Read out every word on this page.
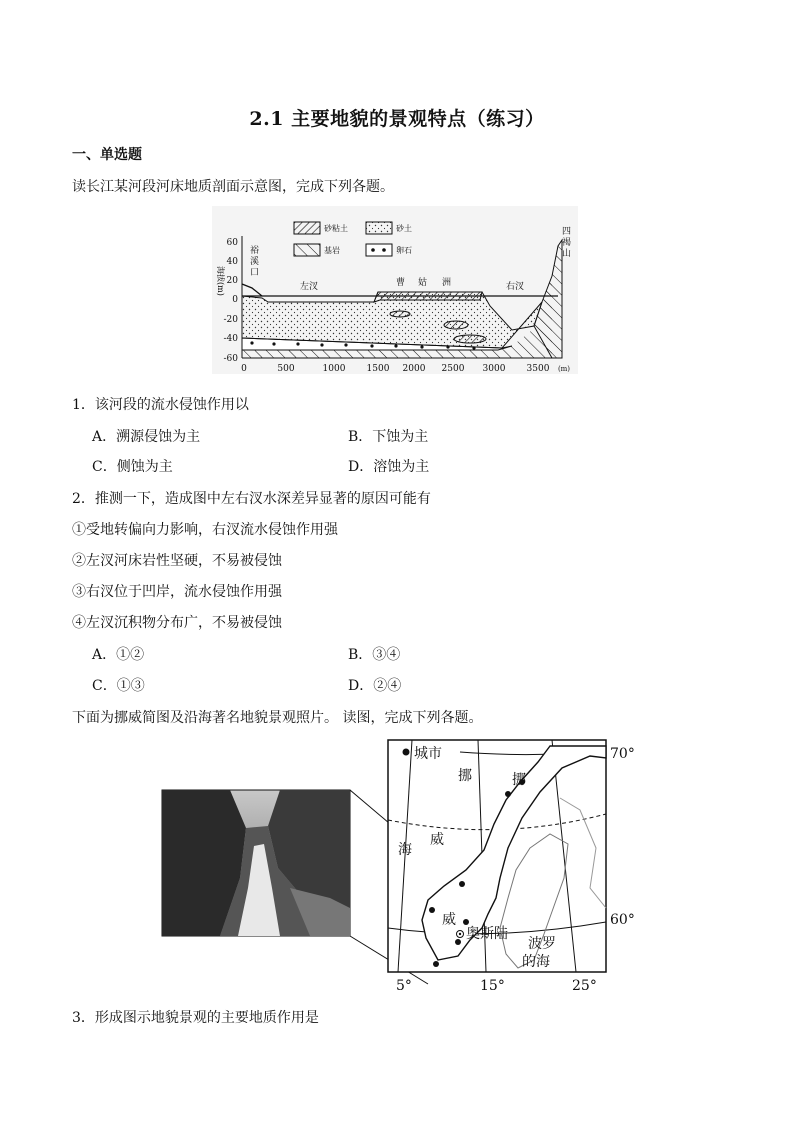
2.1 主要地貌的景观特点（练习）
一、单选题
读长江某河段河床地质剖面示意图，完成下列各题。
60
40
20
0
-20
-40
-60
0	500	1000 1500 2000 2500 3000 3500 (m)
海拔(m)
裕
溪
口
四
褐
山
左汊	曹 姑 洲	右汊
砂粘土	砂土
基岩	卵石
1．该河段的流水侵蚀作用以
A．溯源侵蚀为主	B．下蚀为主
C．侧蚀为主	D．溶蚀为主
2．推测一下，造成图中左右汊水深差异显著的原因可能有
①受地转偏向力影响，右汊流水侵蚀作用强
②左汊河床岩性坚硬，不易被侵蚀
③右汊位于凹岸，流水侵蚀作用强
④左汊沉积物分布广，不易被侵蚀
A．①②	B．③④
C．①③	D．②④
下面为挪威简图及沿海著名地貌景观照片。 读图，完成下列各题。
城市
挪
威
海
挪
威
奥斯陆
波罗
的海
70°
60°
5°	15°	25°
3．形成图示地貌景观的主要地质作用是
